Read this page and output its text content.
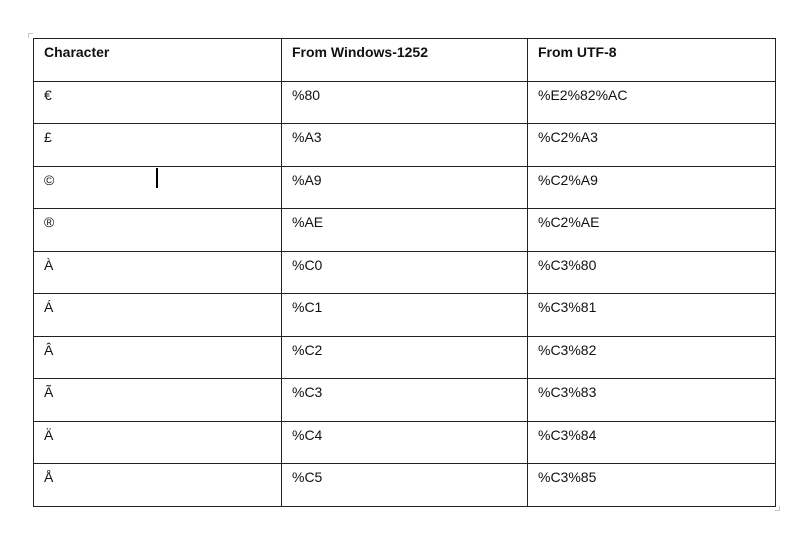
Character	From Windows-1252	From UTF-8
€	%80	%E2%82%AC
£	%A3	%C2%A3
©	%A9	%C2%A9
®	%AE	%C2%AE
À	%C0	%C3%80
Á	%C1	%C3%81
Â	%C2	%C3%82
Ã	%C3	%C3%83
Ä	%C4	%C3%84
Å	%C5	%C3%85
